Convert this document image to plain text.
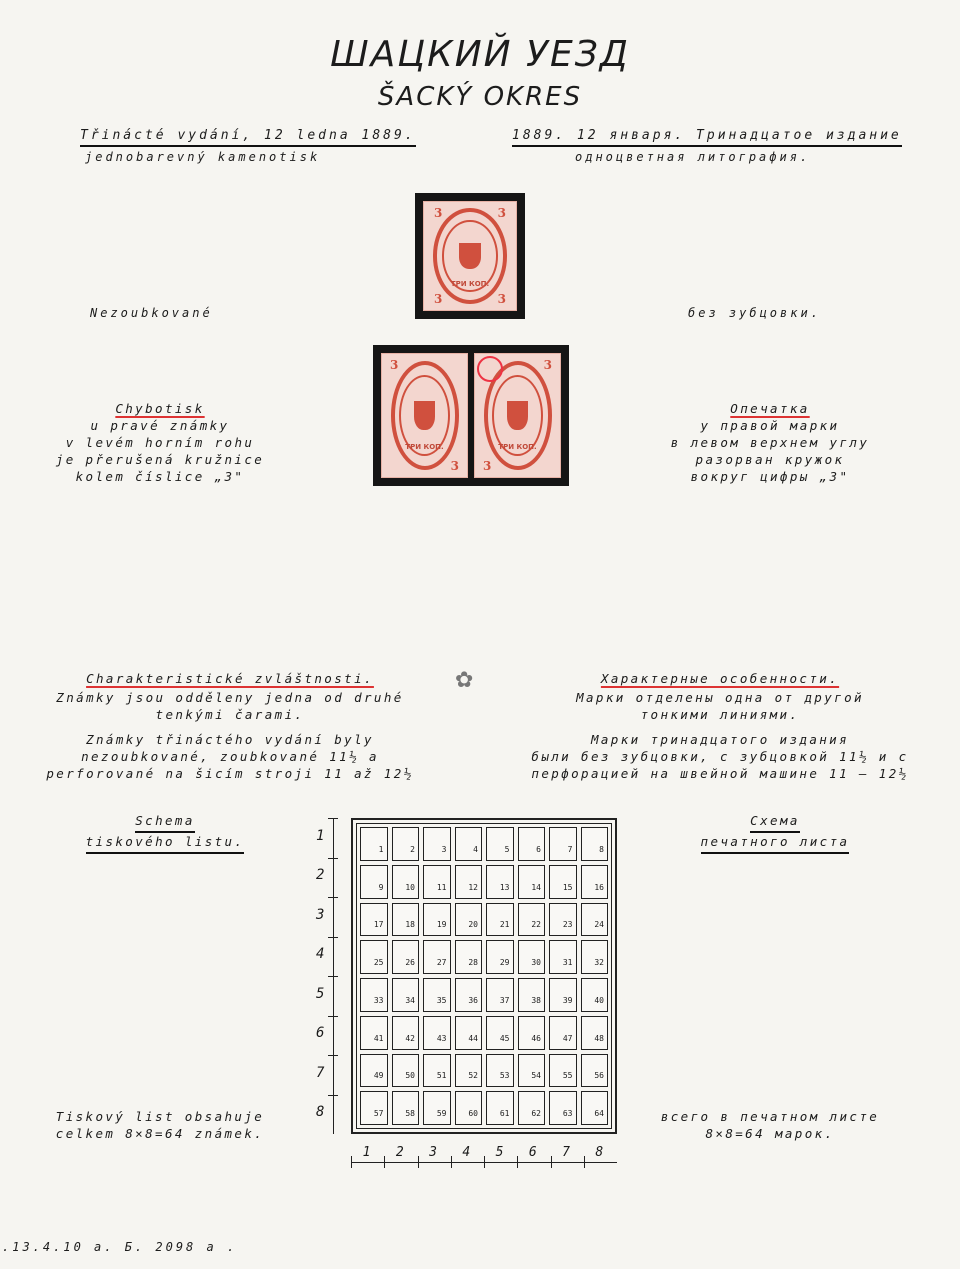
ШАЦКИЙ УЕЗД
ŠACKÝ OKRES
Třinácté vydání, 12 ledna 1889.
jednobarevný kamenotisk
1889. 12 января. Тринадцатое издание
одноцветная литография.
3	3
3	3
ТРИ КОП.
Nezoubkované	без зубцовки.
3
3
ТРИ КОП.
3
3
ТРИ КОП.
Chybotisk
u pravé známky
v levém horním rohu
je přerušená kružnice
kolem číslice „3"
Опечатка
у правой марки
в левом верхнем углу
разорван кружок
вокруг цифры „3"
✿
Charakteristické zvláštnosti.
Známky jsou odděleny jedna od druhé
tenkými čarami.
Známky třináctého vydání byly
nezoubkované, zoubkované 11½ a
perforované na šicím stroji 11 až 12½
Характерные особенности.
Марки отделены одна от другой
тонкими линиями.
Марки тринадцатого издания
были без зубцовки, с зубцовкой 11½ и с
перфорацией на швейной машине 11 – 12½
Schema
tiskového listu.
Схема
печатного листа
1
2
3
4
5
6
7
8
1 2 3 4 5 6 7 8
1	2	3	4	5	6	7	8
9	10	11	12	13	14	15	16
17	18	19	20	21	22	23	24
25	26	27	28	29	30	31	32
33	34	35	36	37	38	39	40
41	42	43	44	45	46	47	48
49	50	51	52	53	54	55	56
57	58	59	60	61	62	63	64
Tiskový list obsahuje
celkem 8×8=64 známek.
всего в печатном листе
8×8=64 марок.
.13.4.10 a. Б. 2098 a .
